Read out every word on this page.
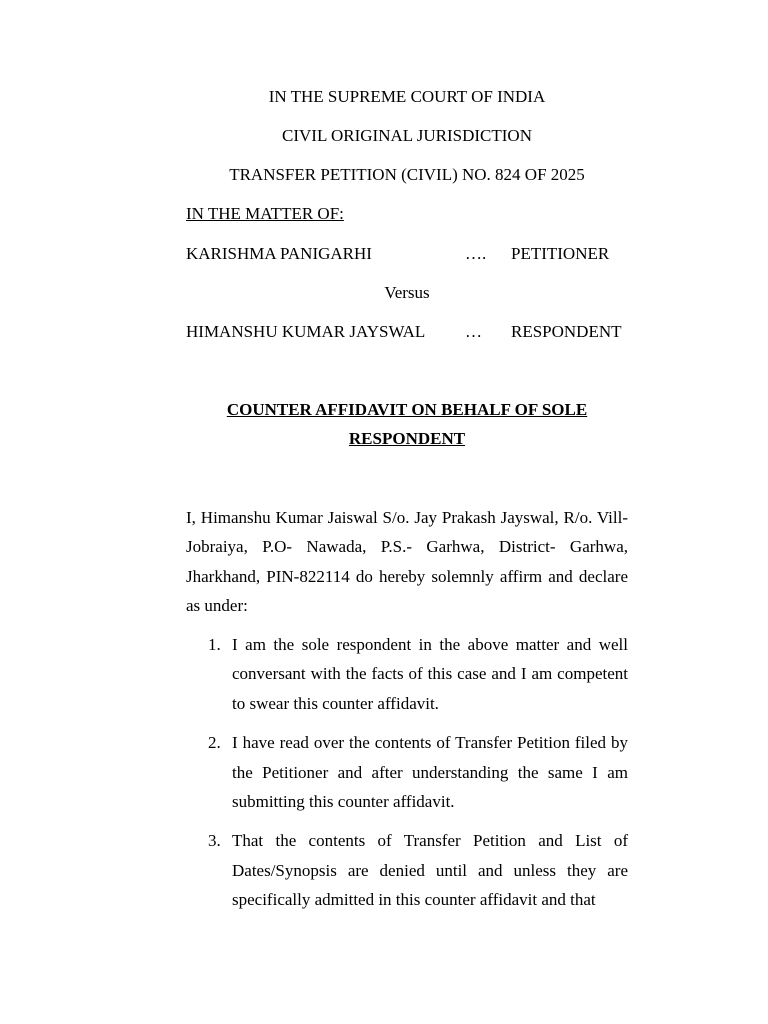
IN THE SUPREME COURT OF INDIA
CIVIL ORIGINAL JURISDICTION
TRANSFER PETITION (CIVIL) NO. 824 OF 2025
IN THE MATTER OF:
KARISHMA PANIGARHI	…. PETITIONER
Versus
HIMANSHU KUMAR JAYSWAL … RESPONDENT
COUNTER AFFIDAVIT ON BEHALF OF SOLE
RESPONDENT

I, Himanshu Kumar Jaiswal S/o. Jay Prakash Jayswal, R/o. Vill- Jobraiya, P.O- Nawada, P.S.- Garhwa, District- Garhwa, Jharkhand, PIN-822114 do hereby solemnly affirm and declare as under:

1. I am the sole respondent in the above matter and well conversant with the facts of this case and I am competent to swear this counter affidavit.
2. I have read over the contents of Transfer Petition filed by the Petitioner and after understanding the same I am submitting this counter affidavit.
3. That the contents of Transfer Petition and List of Dates/Synopsis are denied until and unless they are specifically admitted in this counter affidavit and that
